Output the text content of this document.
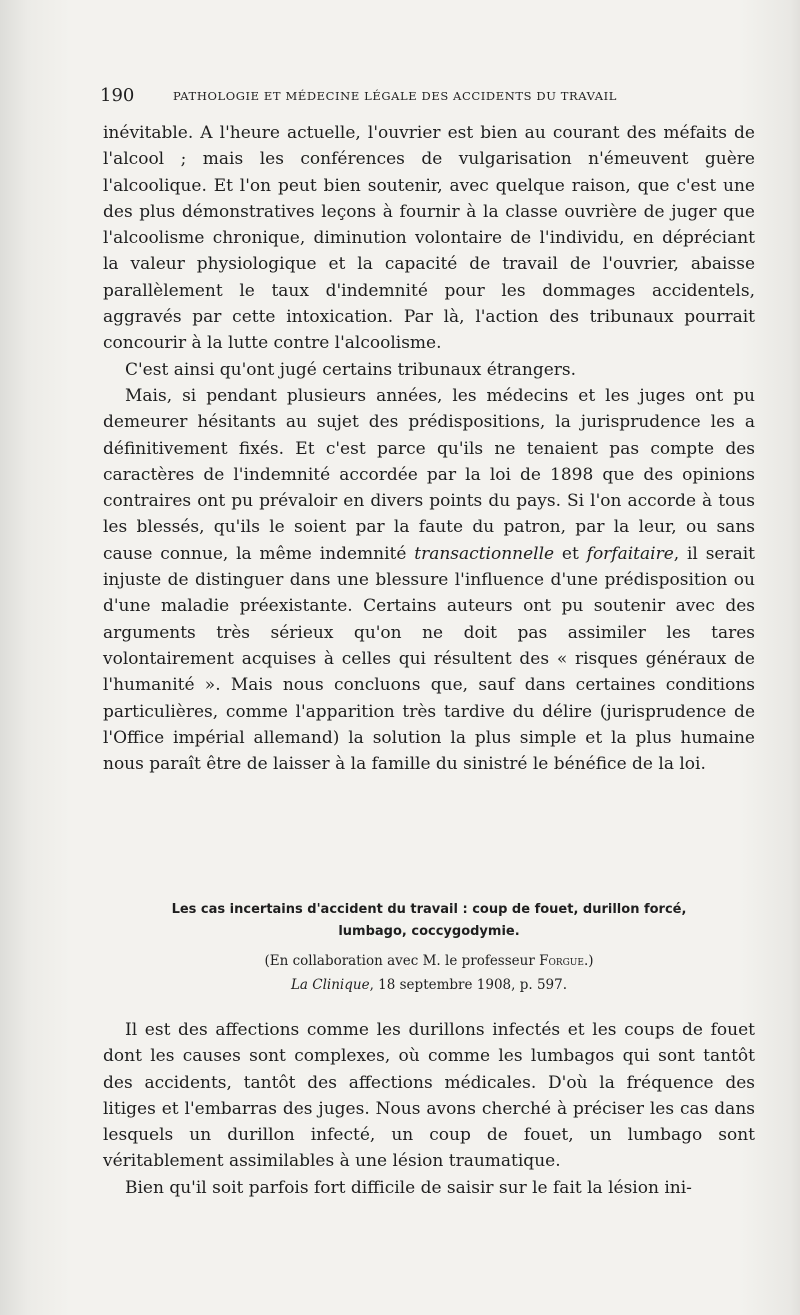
190	PATHOLOGIE ET MÉDECINE LÉGALE DES ACCIDENTS DU TRAVAIL

inévitable. A l'heure actuelle, l'ouvrier est bien au courant des méfaits de l'alcool ; mais les conférences de vulgarisation n'émeuvent guère l'alcoolique. Et l'on peut bien soutenir, avec quelque raison, que c'est une des plus démonstratives leçons à fournir à la classe ouvrière de juger que l'alcoolisme chronique, diminution volontaire de l'individu, en dépréciant la valeur physiologique et la capacité de travail de l'ouvrier, abaisse parallèlement le taux d'indemnité pour les dommages accidentels, aggravés par cette intoxication. Par là, l'action des tribunaux pourrait concourir à la lutte contre l'alcoolisme.

C'est ainsi qu'ont jugé certains tribunaux étrangers.

Mais, si pendant plusieurs années, les médecins et les juges ont pu demeurer hésitants au sujet des prédispositions, la jurisprudence les a définitivement fixés. Et c'est parce qu'ils ne tenaient pas compte des caractères de l'indemnité accordée par la loi de 1898 que des opinions contraires ont pu prévaloir en divers points du pays. Si l'on accorde à tous les blessés, qu'ils le soient par la faute du patron, par la leur, ou sans cause connue, la même indemnité transactionnelle et forfaitaire, il serait injuste de distinguer dans une blessure l'influence d'une prédisposition ou d'une maladie préexistante. Certains auteurs ont pu soutenir avec des arguments très sérieux qu'on ne doit pas assimiler les tares volontairement acquises à celles qui résultent des « risques généraux de l'humanité ». Mais nous concluons que, sauf dans certaines conditions particulières, comme l'apparition très tardive du délire (jurisprudence de l'Office impérial allemand) la solution la plus simple et la plus humaine nous paraît être de laisser à la famille du sinistré le bénéfice de la loi.

Les cas incertains d'accident du travail : coup de fouet, durillon forcé,
lumbago, coccygodymie.
(En collaboration avec M. le professeur Forgue.)
La Clinique, 18 septembre 1908, p. 597.

Il est des affections comme les durillons infectés et les coups de fouet dont les causes sont complexes, où comme les lumbagos qui sont tantôt des accidents, tantôt des affections médicales. D'où la fréquence des litiges et l'embarras des juges. Nous avons cherché à préciser les cas dans lesquels un durillon infecté, un coup de fouet, un lumbago sont véritablement assimilables à une lésion traumatique.

Bien qu'il soit parfois fort difficile de saisir sur le fait la lésion ini-
